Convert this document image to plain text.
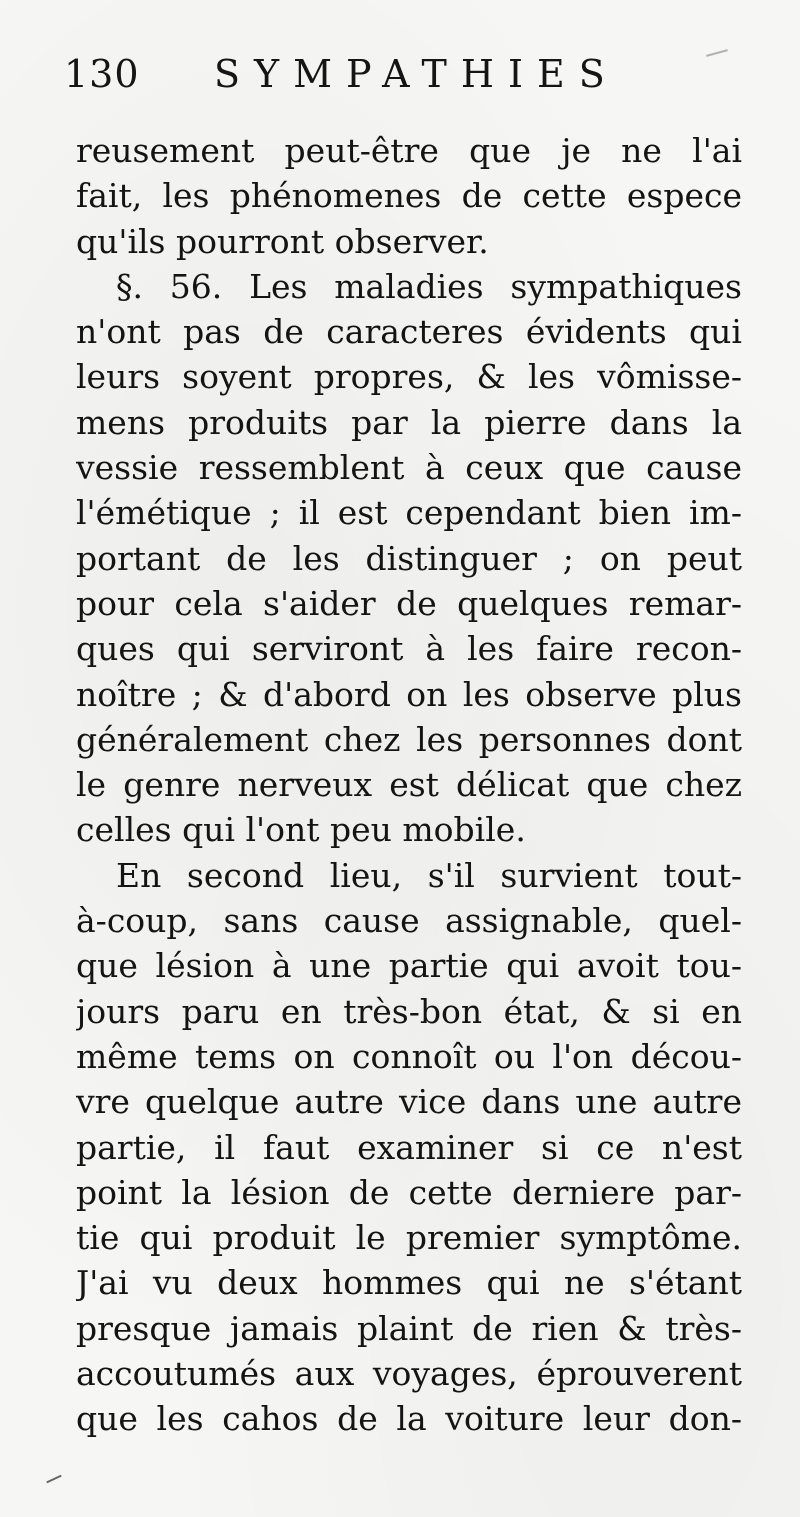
130 SYMPATHIES
reusement peut-être que je ne l'ai
fait, les phénomenes de cette espece
qu'ils pourront observer.
§. 56. Les maladies sympathiques
n'ont pas de caracteres évidents qui
leurs soyent propres, & les vômisse-
mens produits par la pierre dans la
vessie ressemblent à ceux que cause
l'émétique ; il est cependant bien im-
portant de les distinguer ; on peut
pour cela s'aider de quelques remar-
ques qui serviront à les faire recon-
noître ; & d'abord on les observe plus
généralement chez les personnes dont
le genre nerveux est délicat que chez
celles qui l'ont peu mobile.
En second lieu, s'il survient tout-
à-coup, sans cause assignable, quel-
que lésion à une partie qui avoit tou-
jours paru en très-bon état, & si en
même tems on connoît ou l'on décou-
vre quelque autre vice dans une autre
partie, il faut examiner si ce n'est
point la lésion de cette derniere par-
tie qui produit le premier symptôme.
J'ai vu deux hommes qui ne s'étant
presque jamais plaint de rien & très-
accoutumés aux voyages, éprouverent
que les cahos de la voiture leur don-
